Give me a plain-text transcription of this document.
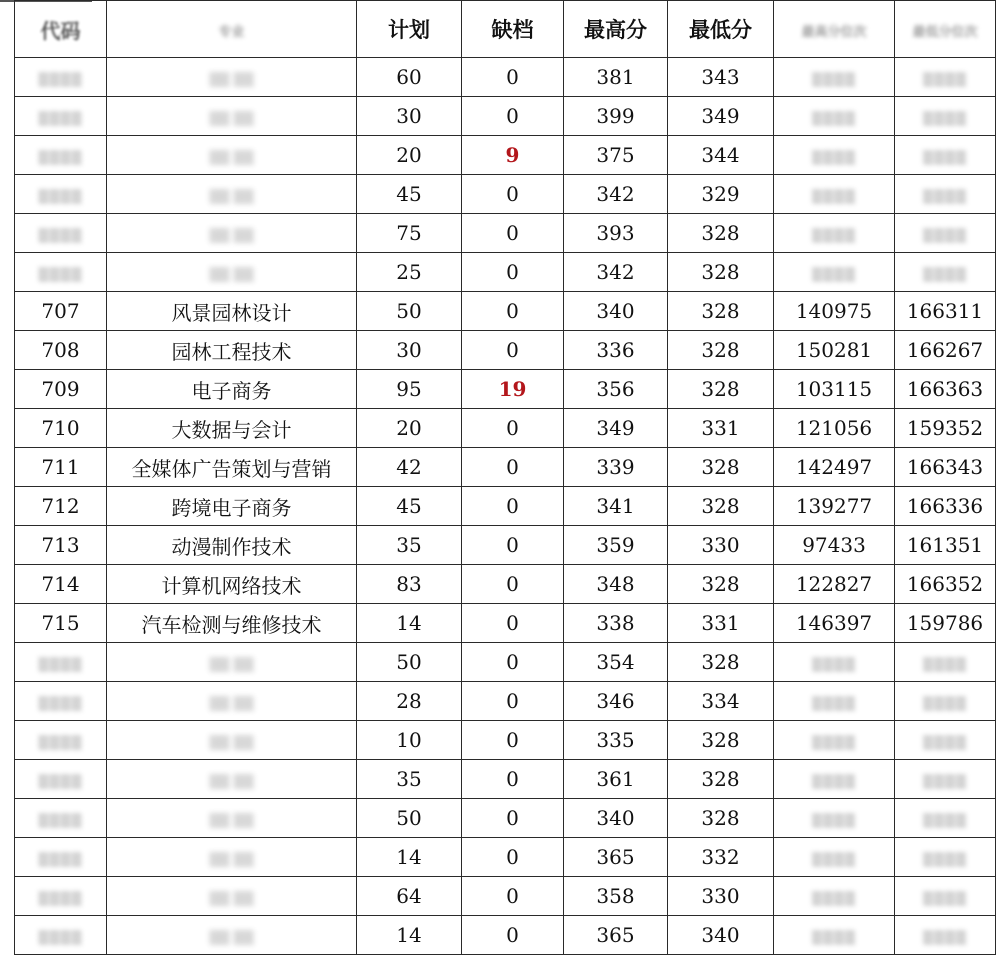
代码	专业	计划	缺档	最高分	最低分	最高分位次	最低分位次
▒▒▒▒	▒▒ ▒▒	60	0	381	343	▒▒▒▒	▒▒▒▒
▒▒▒▒	▒▒ ▒▒	30	0	399	349	▒▒▒▒	▒▒▒▒
▒▒▒▒	▒▒ ▒▒	20	9	375	344	▒▒▒▒	▒▒▒▒
▒▒▒▒	▒▒ ▒▒	45	0	342	329	▒▒▒▒	▒▒▒▒
▒▒▒▒	▒▒ ▒▒	75	0	393	328	▒▒▒▒	▒▒▒▒
▒▒▒▒	▒▒ ▒▒	25	0	342	328	▒▒▒▒	▒▒▒▒
707	风景园林设计	50	0	340	328	140975	166311
708	园林工程技术	30	0	336	328	150281	166267
709	电子商务	95	19	356	328	103115	166363
710	大数据与会计	20	0	349	331	121056	159352
711	全媒体广告策划与营销	42	0	339	328	142497	166343
712	跨境电子商务	45	0	341	328	139277	166336
713	动漫制作技术	35	0	359	330	97433	161351
714	计算机网络技术	83	0	348	328	122827	166352
715	汽车检测与维修技术	14	0	338	331	146397	159786
▒▒▒▒	▒▒ ▒▒	50	0	354	328	▒▒▒▒	▒▒▒▒
▒▒▒▒	▒▒ ▒▒	28	0	346	334	▒▒▒▒	▒▒▒▒
▒▒▒▒	▒▒ ▒▒	10	0	335	328	▒▒▒▒	▒▒▒▒
▒▒▒▒	▒▒ ▒▒	35	0	361	328	▒▒▒▒	▒▒▒▒
▒▒▒▒	▒▒ ▒▒	50	0	340	328	▒▒▒▒	▒▒▒▒
▒▒▒▒	▒▒ ▒▒	14	0	365	332	▒▒▒▒	▒▒▒▒
▒▒▒▒	▒▒ ▒▒	64	0	358	330	▒▒▒▒	▒▒▒▒
▒▒▒▒	▒▒ ▒▒	14	0	365	340	▒▒▒▒	▒▒▒▒
